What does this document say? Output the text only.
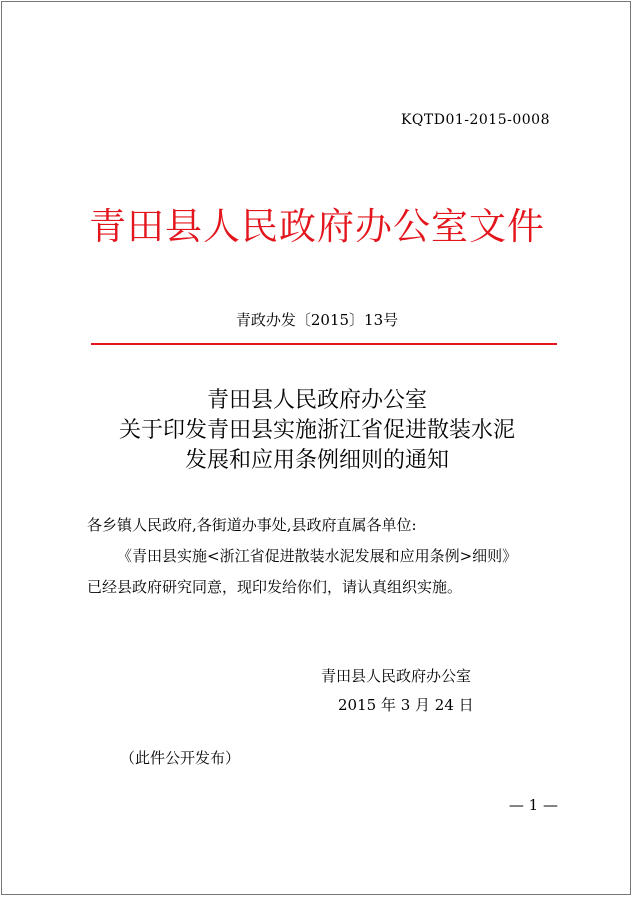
KQTD01-2015-0008
青田县人民政府办公室文件
青政办发〔2015〕13号
青田县人民政府办公室
关于印发青田县实施浙江省促进散装水泥
发展和应用条例细则的通知

各乡镇人民政府,各街道办事处,县政府直属各单位:

《青田县实施<浙江省促进散装水泥发展和应用条例>细则》

已经县政府研究同意，现印发给你们，请认真组织实施。

青田县人民政府办公室
2015 年 3 月 24 日
（此件公开发布）
— 1 —
